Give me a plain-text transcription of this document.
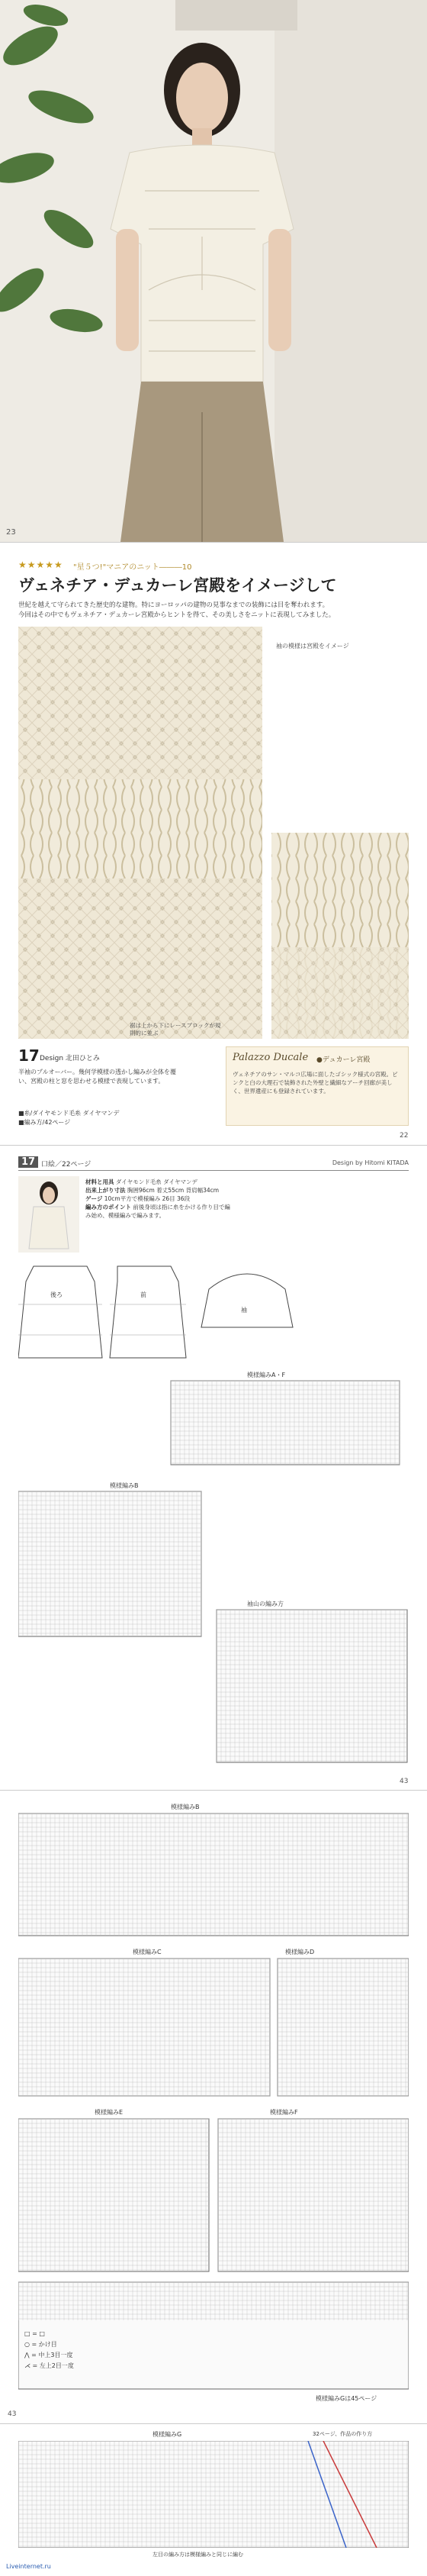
23
★★★★★ "星５つ!"マニアのニット―――10
ヴェネチア・デュカーレ宮殿をイメージして
世紀を越えて守られてきた歴史的な建物。特にヨーロッパの建物の見事なまでの装飾には目を奪われます。
今回はその中でもヴェネチア・デュカーレ宮殿からヒントを得て、その美しさをニットに表現してみました。
袖の模様は宮殿をイメージ
裾は上から下にレースブロックが規則的に並ぶ
17 Design 北田ひとみ
半袖のプルオーバー。幾何学模様の透かし編みが全体を覆い、宮殿の柱と窓を思わせる模様で表現しています。
■糸/ダイヤモンド毛糸 ダイヤマンデ
■編み方/42ページ
Palazzo Ducale ●デュカーレ宮殿
ヴェネチアのサン・マルコ広場に面したゴシック様式の宮殿。ピンクと白の大理石で装飾された外壁と繊細なアーチ回廊が美しく、世界遺産にも登録されています。
22
17 口絵／22ページ	Design by Hitomi KITADA
材料と用具 ダイヤモンド毛糸 ダイヤマンデ
出来上がり寸法 胸囲96cm 着丈55cm 背肩幅34cm
ゲージ 10cm平方で模様編み 26目 36段
編み方のポイント 前後身頃は指に糸をかける作り目で編み始め、模様編みで編みます。
後ろ	前
袖
模様編みA・F
模様編みB
袖山の編み方
43
模様編みB
模様編みC	模様編みD
模様編みE	模様編みF
□ = □
○ = かけ目
⋀ = 中上3目一度
⋌ = 左上2目一度
模様編みGは45ページ
43
模様編みG	32ページ、作品の作り方
左目の編み方は模様編みと同じに編む
Liveinternet.ru
